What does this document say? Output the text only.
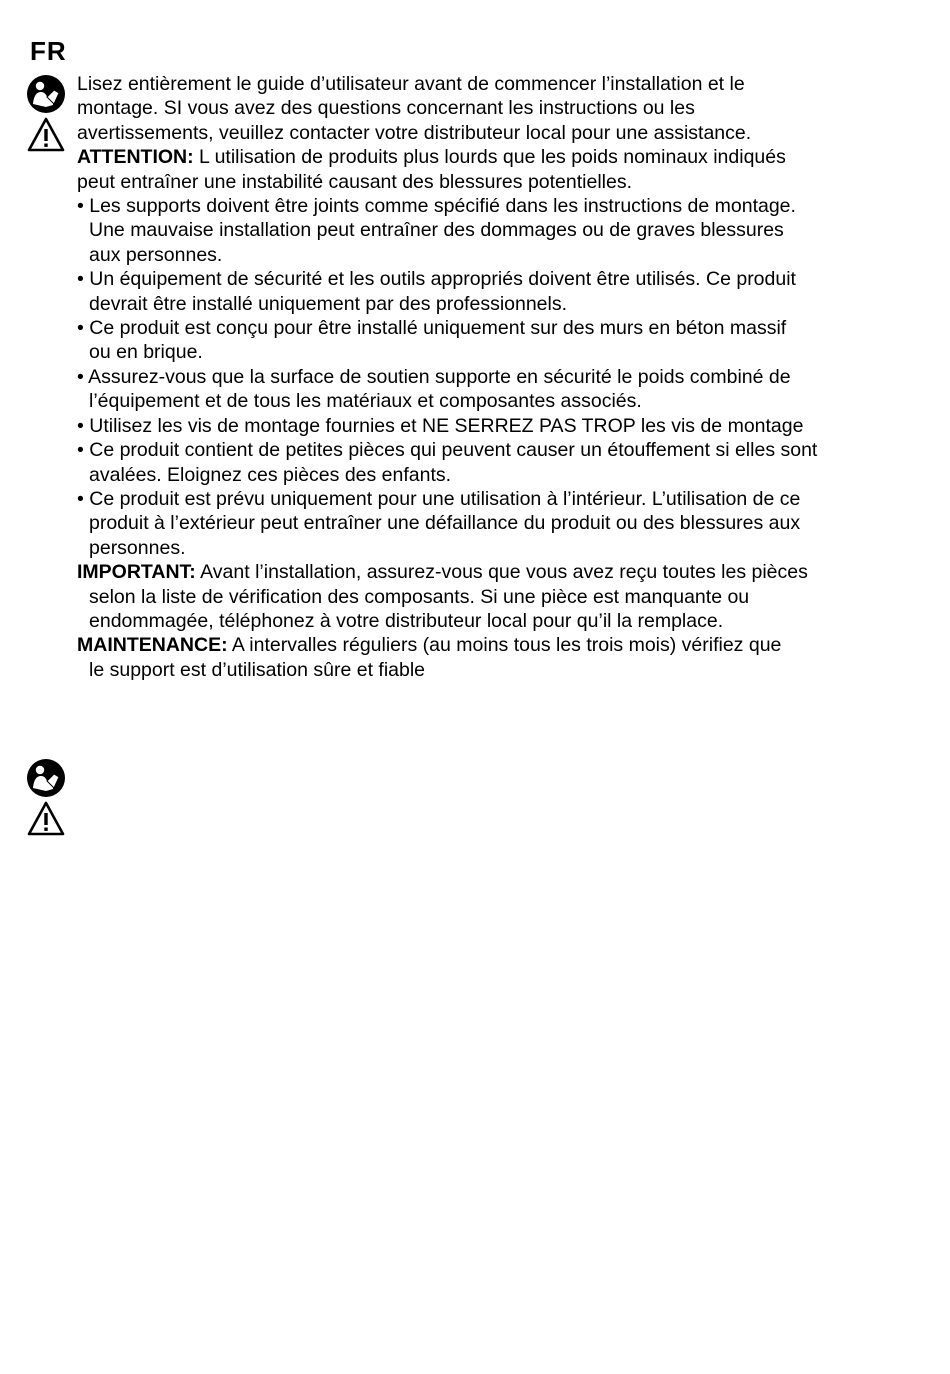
FR
Lisez entièrement le guide d’utilisateur avant de commencer l’installation et le
montage. SI vous avez des questions concernant les instructions ou les
avertissements, veuillez contacter votre distributeur local pour une assistance.
ATTENTION: L utilisation de produits plus lourds que les poids nominaux indiqués
peut entraîner une instabilité causant des blessures potentielles.
• Les supports doivent être joints comme spécifié dans les instructions de montage.
Une mauvaise installation peut entraîner des dommages ou de graves blessures
aux personnes.
• Un équipement de sécurité et les outils appropriés doivent être utilisés. Ce produit
devrait être installé uniquement par des professionnels.
• Ce produit est conçu pour être installé uniquement sur des murs en béton massif
ou en brique.
• Assurez-vous que la surface de soutien supporte en sécurité le poids combiné de
l’équipement et de tous les matériaux et composantes associés.
• Utilisez les vis de montage fournies et NE SERREZ PAS TROP les vis de montage
• Ce produit contient de petites pièces qui peuvent causer un étouffement si elles sont
avalées. Eloignez ces pièces des enfants.
• Ce produit est prévu uniquement pour une utilisation à l’intérieur. L’utilisation de ce
produit à l’extérieur peut entraîner une défaillance du produit ou des blessures aux
personnes.
IMPORTANT: Avant l’installation, assurez-vous que vous avez reçu toutes les pièces
selon la liste de vérification des composants. Si une pièce est manquante ou
endommagée, téléphonez à votre distributeur local pour qu’il la remplace.
MAINTENANCE: A intervalles réguliers (au moins tous les trois mois) vérifiez que
le support est d’utilisation sûre et fiable
